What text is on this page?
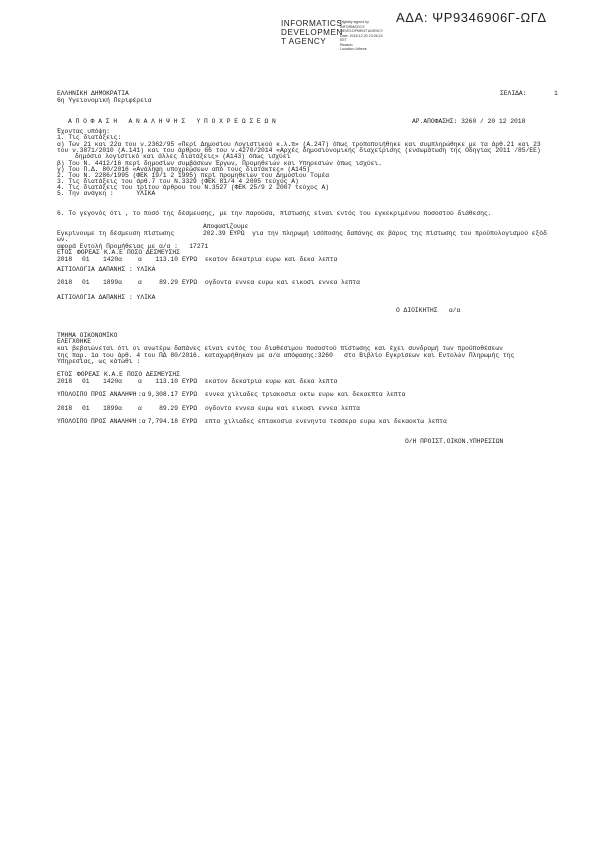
ΑΔΑ: ΨΡ9346906Γ-ΩΓΔ
INFORMATICS
DEVELOPMEN
T AGENCY
Digitally signed by
INFORMATICS
DEVELOPMENT AGENCY
Date: 2018.12.20 13:26:24
EET
Reason:
Location: Athens
ΕΛΛΗΝΙΚΗ ΔΗΜΟΚΡΑΤΙΑ
6η Υγειονομική Περιφέρεια
ΣΕΛΙΔΑ:	1
Α Π Ο Φ Α Σ Η   Α Ν Α Λ Η Ψ Η Σ   Υ Π Ο Χ Ρ Ε Ω Σ Ε Ω Ν	ΑΡ.ΑΠΟΦΑΣΗΣ: 3260 / 20 12 2018
Έχοντας υπόψη:
1. Τις διατάξεις:
α) Των 21 και 22α του ν.2362/95 «Περί Δημοσίου Λογιστικού κ.λ.π» (Α.247) όπως τροποποιήθηκε και συμπληρώθηκε με τα άρθ.21 και 23
του ν.3871/2010 (Α.141) και του άρθρου 66 του ν.4270/2014 «Αρχές δημοσιονομικής διαχείρισης (ενσωμάτωση της Οδηγίας 2011 /85/ΕΕ)
δημόσιο λογιστικό και άλλες διατάξεις» (Α143) όπως ισχύει
β) Του Ν. 4412/16 περί δημοσίων συμβάσεων Έργων, Προμηθειών και Υπηρεσιών όπως ισχύει.
γ) Του Π.Δ. 80/2016 «Ανάληψη υποχρεώσεων από τους διατάκτες» (Α145)
2. Του Ν. 2286/1995 (ΦΕΚ 19/1 2 1995) περί προμηθειών του Δημοσίου Τομέα
3. Τις διατάξεις του άρθ.7 του Ν.3329 (ΦΕΚ 81/4 4 2005 τεύχος Α)
4. Τις διατάξεις του τρίτου άρθρου του Ν.3527 (ΦΕΚ 25/9 2 2007 τεύχος Α)
5. Την ανάγκη :      ΥΛΙΚΑ
6. Το γεγονός ότι , το ποσό της δέσμευσης, με την παρούσα, πίστωσης είναι εντός του εγκεκριμένου ποσοστού διάθεσης.
Αποφασίζουμε
Εγκρίνουμε τη δέσμευση πίστωσης	202.39 ΕΥΡΩ  για την πληρωμή ισόποσης δαπάνης σε βάρος της πίστωσης του προϋπολογισμού εξόδ
ων.
αφορά Εντολή Προμήθειας με α/α :   17271
ΕΤΟΣ ΦΟΡΕΑΣ Κ.Α.Ε ΠΟΣΟ ΔΕΣΜΕΥΣΗΣ
2018 01 1420α	α	113.10 ΕΥΡΩ εκατον δεκατρια ευρω και δεκα λεπτα
ΑΙΤΙΟΛΟΓΙΑ ΔΑΠΑΝΗΣ : ΥΛΙΚΑ
2018 01 1899α	α	89.29 ΕΥΡΩ ογδοντα εννεα ευρω και εικοσι εννεα λεπτα
ΑΙΤΙΟΛΟΓΙΑ ΔΑΠΑΝΗΣ : ΥΛΙΚΑ
Ο ΔΙΟΙΚΗΤΗΣ   α/α
ΤΜΗΜΑ ΟΙΚΟΝΟΜΙΚΟ
ΕΛΕΓΧΘΗΚΕ
και βεβαιώνεται ότι οι ανωτέρω δαπάνες είναι εντός του διαθέσιμου ποσοστού πίστωσης και έχει συνδρομή των προϋποθέσεων
της παρ. 1α του άρθ. 4 του ΠΔ 80/2016. καταχωρήθηκαν με α/α απόφασης:3260   στο Βιβλίο Εγκρίσεων και Εντολών Πληρωμής της
Υπηρεσίας, ως κάτωθι :
ΕΤΟΣ ΦΟΡΕΑΣ Κ.Α.Ε ΠΟΣΟ ΔΕΣΜΕΥΣΗΣ
2018 01 1420α	α	113.10 ΕΥΡΩ εκατον δεκατρια ευρω και δεκα λεπτα
ΥΠΟΛΟΙΠΟ ΠΡΟΣ ΑΝΑΛΗΨΗ :α 9,308.17 ΕΥΡΩ εννεα χιλιαδες τριακοσια οκτω ευρω και δεκαεπτα λεπτα
2018 01 1899α	α	89.29 ΕΥΡΩ ογδοντα εννεα ευρω και εικοσι εννεα λεπτα
ΥΠΟΛΟΙΠΟ ΠΡΟΣ ΑΝΑΛΗΨΗ :α 7,794.18 ΕΥΡΩ επτα χιλιαδες επτακοσια ενενηντα τεσσερα ευρω και δεκαοκτω λεπτα
Ο/Η ΠΡΟΙΣΤ.ΟΙΚΟΝ.ΥΠΗΡΕΣΙΩΝ
